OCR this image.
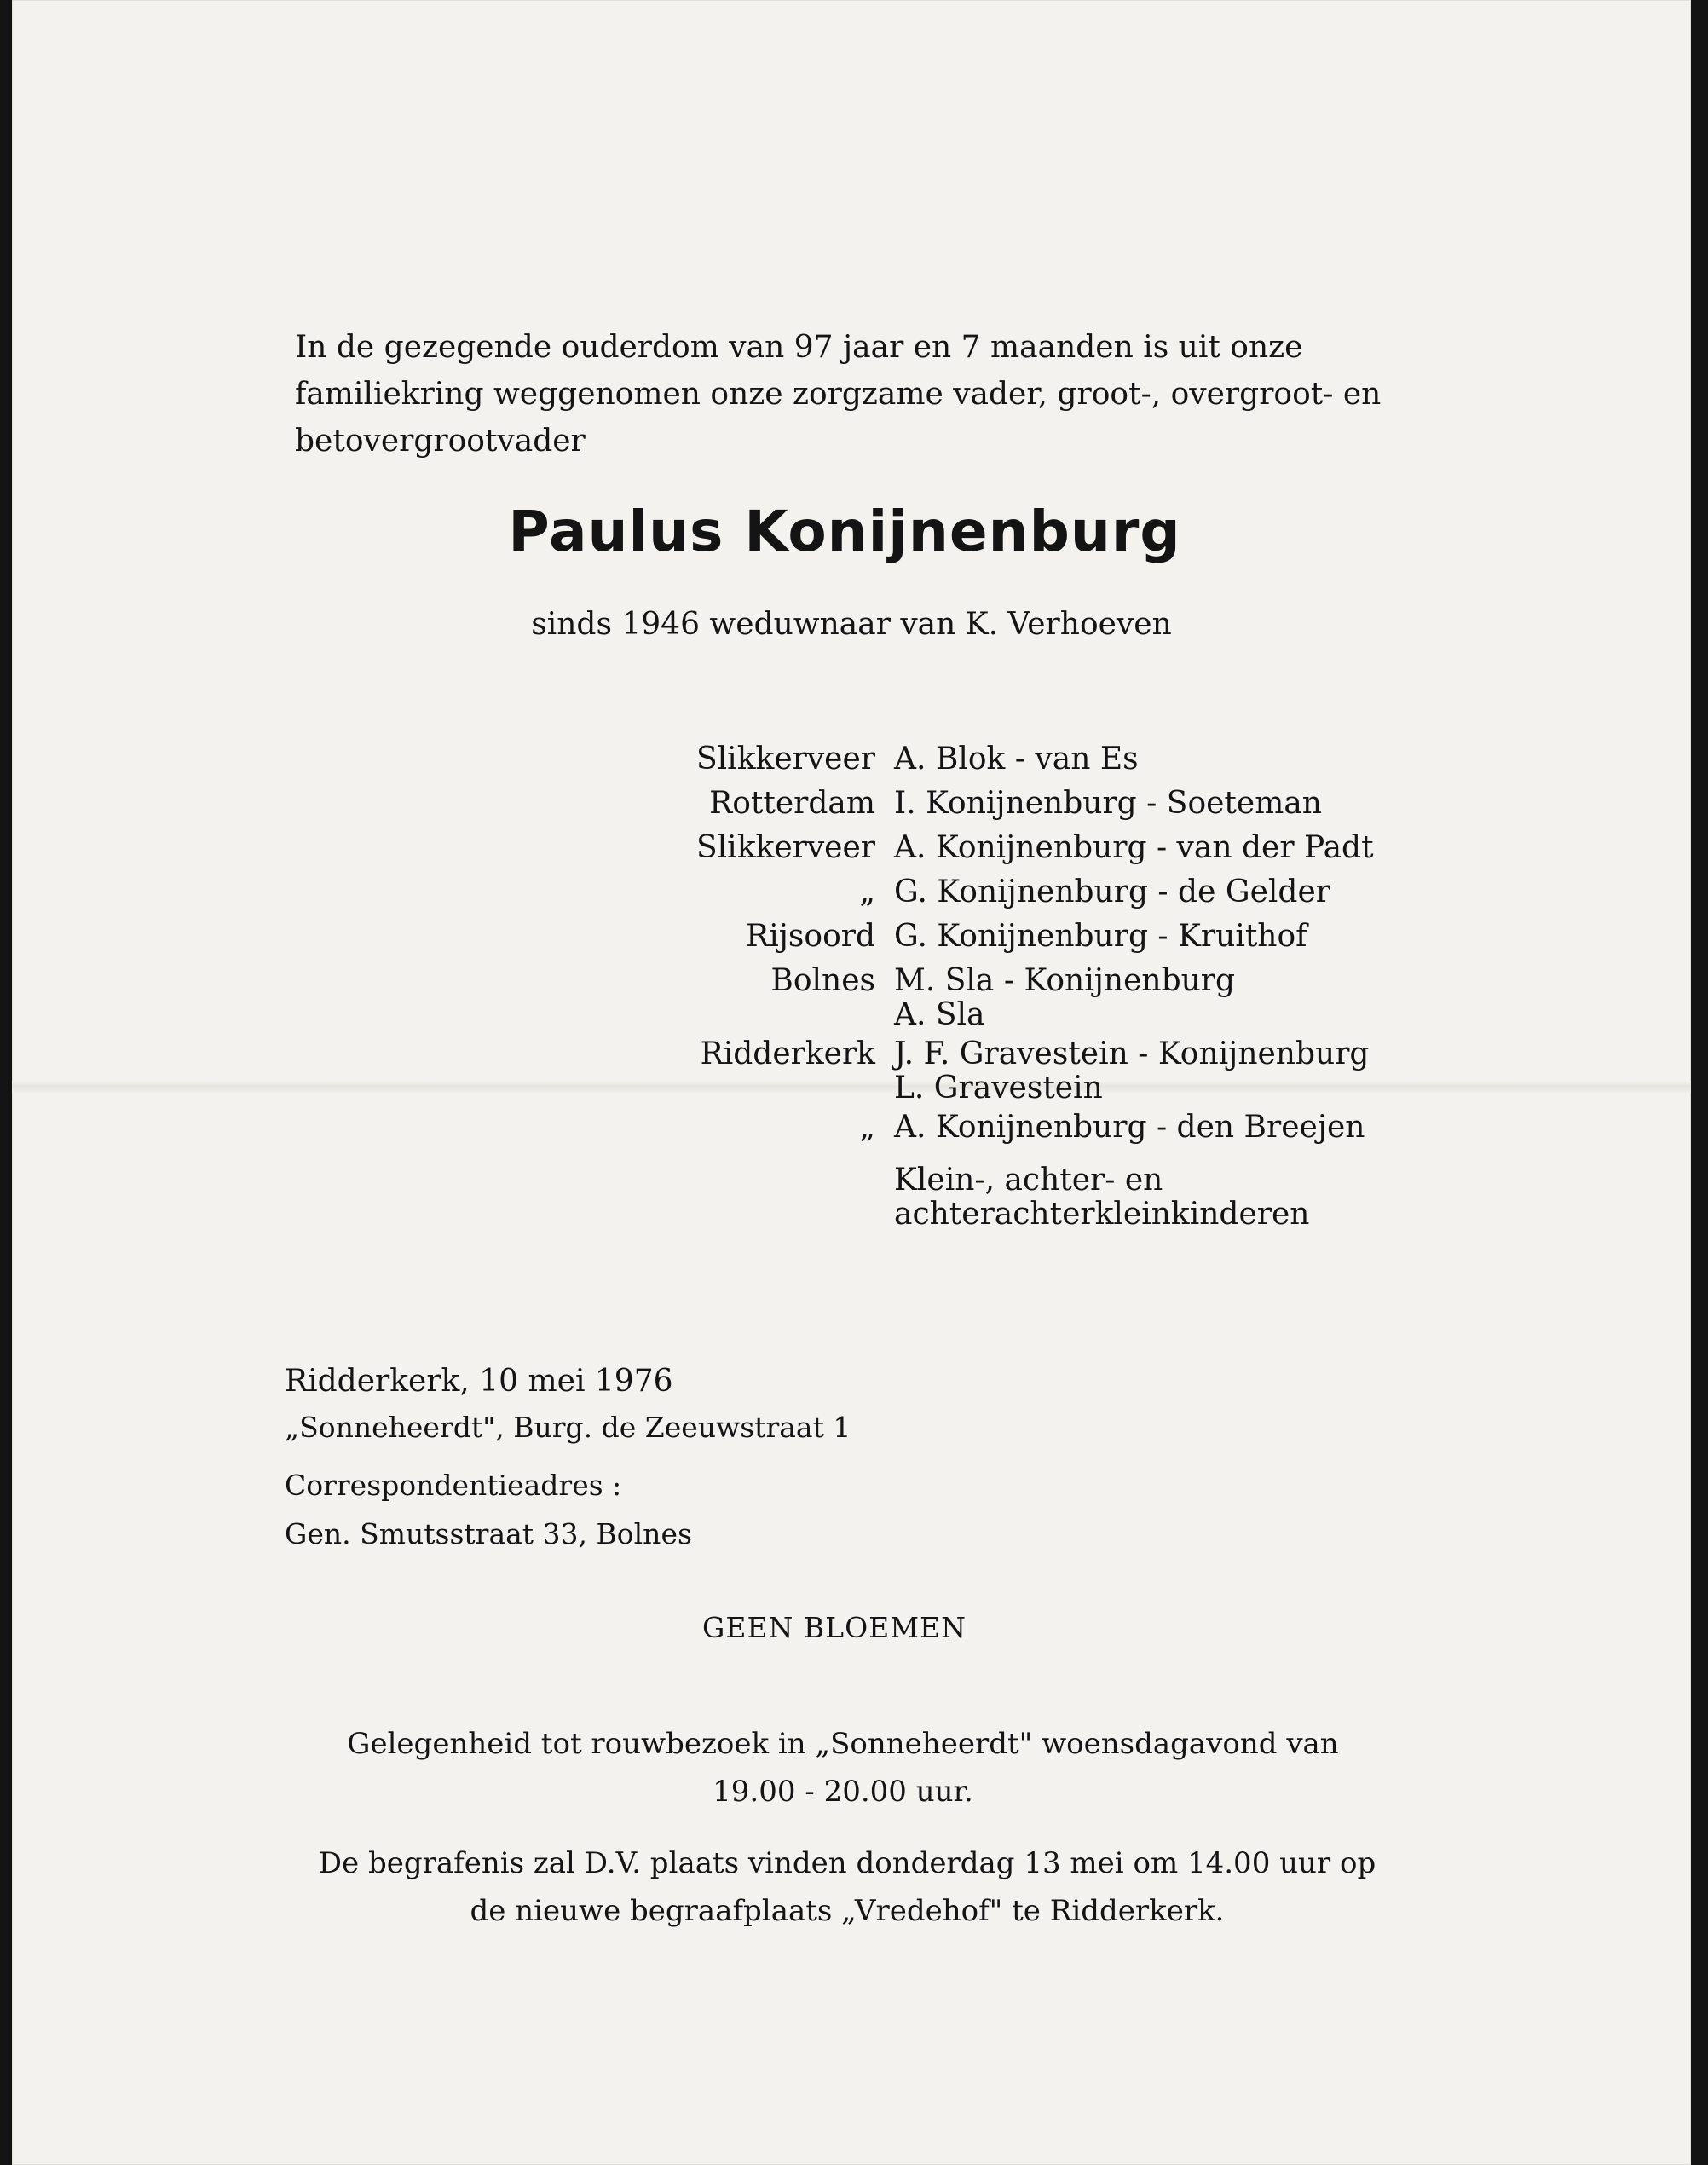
In de gezegende ouderdom van 97 jaar en 7 maanden is uit onze
familiekring weggenomen onze zorgzame vader, groot-, overgroot- en
betovergrootvader
Paulus Konijnenburg
sinds 1946 weduwnaar van K. Verhoeven
Slikkerveer A. Blok - van Es
Rotterdam I. Konijnenburg - Soeteman
Slikkerveer A. Konijnenburg - van der Padt
„ G. Konijnenburg - de Gelder
Rijsoord G. Konijnenburg - Kruithof
Bolnes M. Sla - Konijnenburg
A. Sla
Ridderkerk J. F. Gravestein - Konijnenburg
L. Gravestein
„ A. Konijnenburg - den Breejen
Klein-, achter- en
achterachterkleinkinderen
Ridderkerk, 10 mei 1976
„Sonneheerdt", Burg. de Zeeuwstraat 1
Correspondentieadres :
Gen. Smutsstraat 33, Bolnes
GEEN BLOEMEN
Gelegenheid tot rouwbezoek in „Sonneheerdt" woensdagavond van
19.00 - 20.00 uur.
De begrafenis zal D.V. plaats vinden donderdag 13 mei om 14.00 uur op
de nieuwe begraafplaats „Vredehof" te Ridderkerk.
